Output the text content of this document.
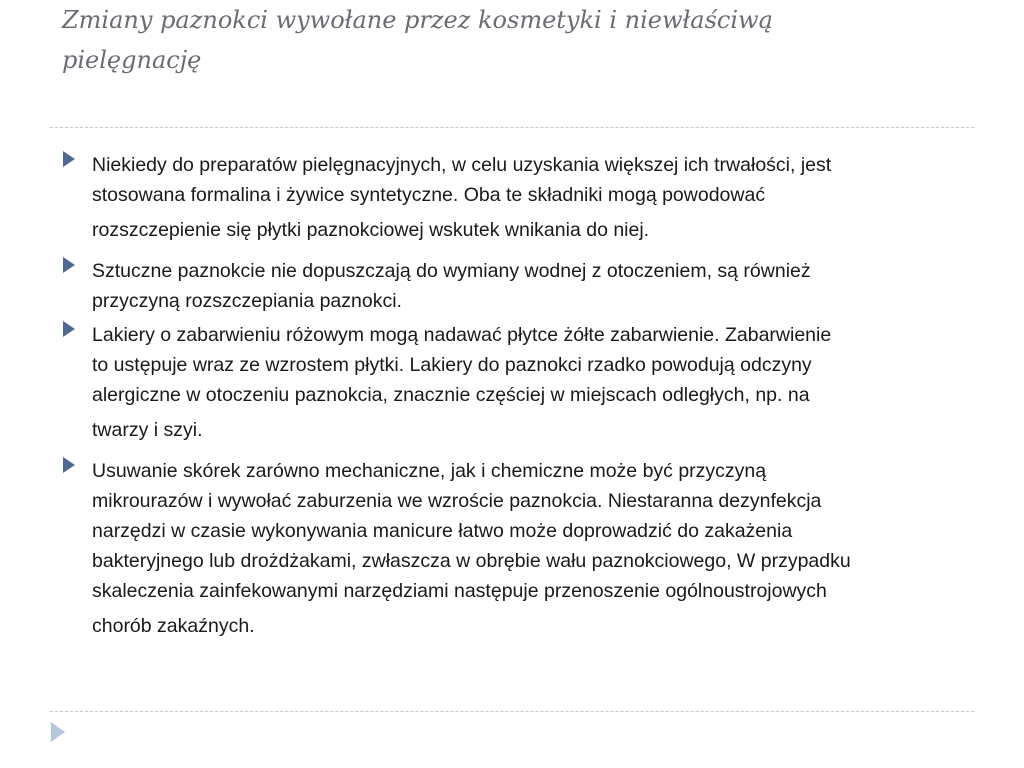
Zmiany paznokci wywołane przez kosmetyki i niewłaściwą
pielęgnację
Niekiedy do preparatów pielęgnacyjnych, w celu uzyskania większej ich trwałości, jest
stosowana formalina i żywice syntetyczne. Oba te składniki mogą powodować
rozszczepienie się płytki paznokciowej wskutek wnikania do niej.
Sztuczne paznokcie nie dopuszczają do wymiany wodnej z otoczeniem, są również
przyczyną rozszczepiania paznokci.
Lakiery o zabarwieniu różowym mogą nadawać płytce żółte zabarwienie. Zabarwienie
to ustępuje wraz ze wzrostem płytki. Lakiery do paznokci rzadko powodują odczyny
alergiczne w otoczeniu paznokcia, znacznie częściej w miejscach odległych, np. na
twarzy i szyi.
Usuwanie skórek zarówno mechaniczne, jak i chemiczne może być przyczyną
mikrourazów i wywołać zaburzenia we wzroście paznokcia. Niestaranna dezynfekcja
narzędzi w czasie wykonywania manicure łatwo może doprowadzić do zakażenia
bakteryjnego lub drożdżakami, zwłaszcza w obrębie wału paznokciowego, W przypadku
skaleczenia zainfekowanymi narzędziami następuje przenoszenie ogólnoustrojowych
chorób zakaźnych.
